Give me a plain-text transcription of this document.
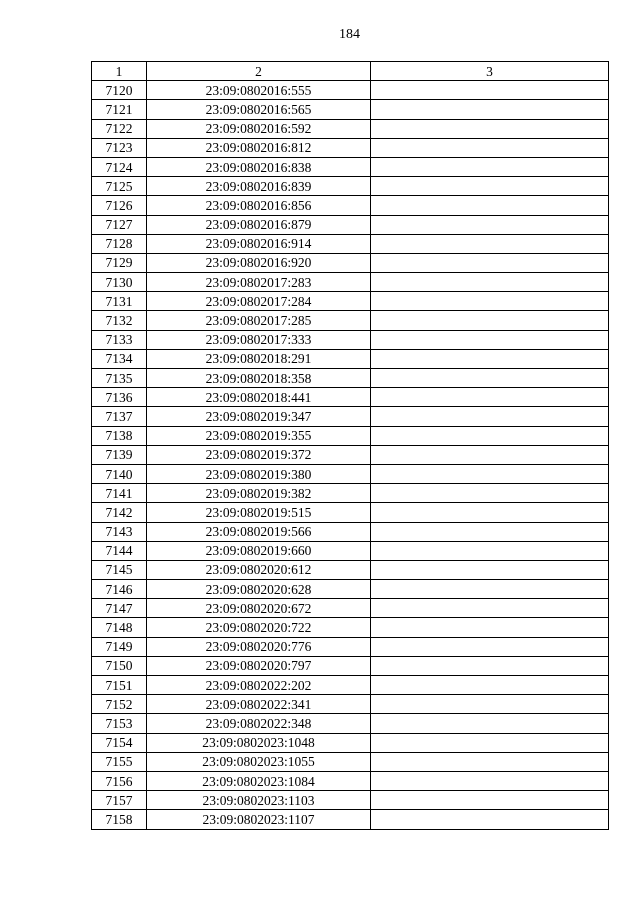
184
1	2	3
7120	23:09:0802016:555	
7121	23:09:0802016:565	
7122	23:09:0802016:592	
7123	23:09:0802016:812	
7124	23:09:0802016:838	
7125	23:09:0802016:839	
7126	23:09:0802016:856	
7127	23:09:0802016:879	
7128	23:09:0802016:914	
7129	23:09:0802016:920	
7130	23:09:0802017:283	
7131	23:09:0802017:284	
7132	23:09:0802017:285	
7133	23:09:0802017:333	
7134	23:09:0802018:291	
7135	23:09:0802018:358	
7136	23:09:0802018:441	
7137	23:09:0802019:347	
7138	23:09:0802019:355	
7139	23:09:0802019:372	
7140	23:09:0802019:380	
7141	23:09:0802019:382	
7142	23:09:0802019:515	
7143	23:09:0802019:566	
7144	23:09:0802019:660	
7145	23:09:0802020:612	
7146	23:09:0802020:628	
7147	23:09:0802020:672	
7148	23:09:0802020:722	
7149	23:09:0802020:776	
7150	23:09:0802020:797	
7151	23:09:0802022:202	
7152	23:09:0802022:341	
7153	23:09:0802022:348	
7154	23:09:0802023:1048	
7155	23:09:0802023:1055	
7156	23:09:0802023:1084	
7157	23:09:0802023:1103	
7158	23:09:0802023:1107	
